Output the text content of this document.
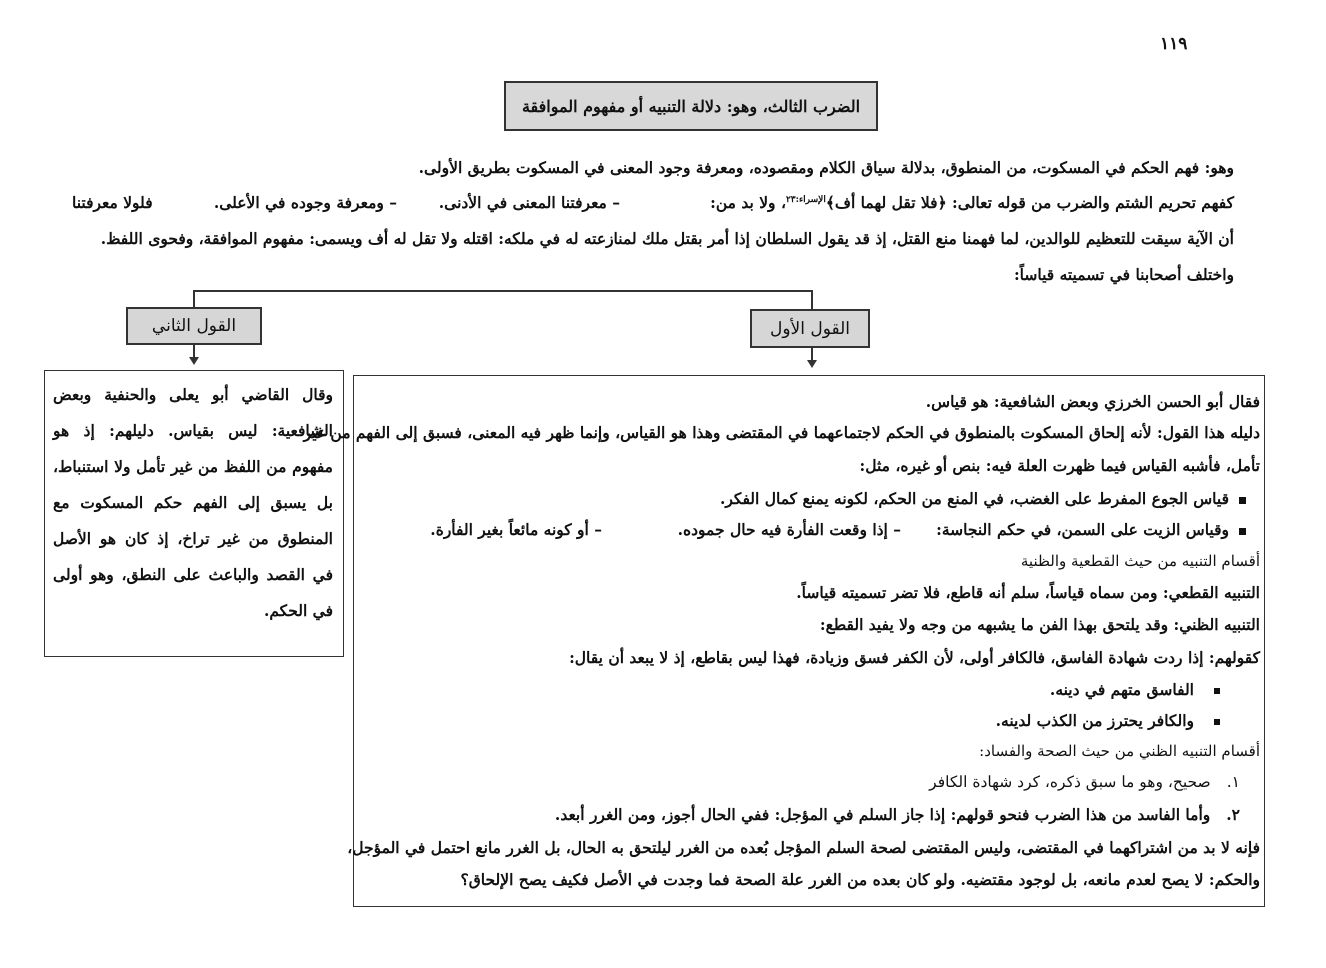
١١٩
الضرب الثالث، وهو: دلالة التنبيه أو مفهوم الموافقة
وهو: فهم الحكم في المسكوت، من المنطوق، بدلالة سياق الكلام ومقصوده، ومعرفة وجود المعنى في المسكوت بطريق الأولى.
كفهم تحريم الشتم والضرب من قوله تعالى: ﴿فلا تقل لهما أف﴾$^{الإسراء:٢٣}$، ولا بد من:
– معرفتنا المعنى في الأدنى.
– ومعرفة وجوده في الأعلى.
فلولا معرفتنا
أن الآية سيقت للتعظيم للوالدين، لما فهمنا منع القتل، إذ قد يقول السلطان إذا أمر بقتل ملك لمنازعته له في ملكه: اقتله ولا تقل له أف ويسمى: مفهوم الموافقة، وفحوى اللفظ.
واختلف أصحابنا في تسميته قياساً:
القول الثاني	القول الأول
وقال القاضي أبو يعلى والحنفية وبعض الشافعية: ليس بقياس. دليلهم: إذ هو مفهوم من اللفظ من غير تأمل ولا استنباط، بل يسبق إلى الفهم حكم المسكوت مع المنطوق من غير تراخ، إذ كان هو الأصل في القصد والباعث على النطق، وهو أولى في الحكم.
فقال أبو الحسن الخرزي وبعض الشافعية: هو قياس.
دليله هذا القول: لأنه إلحاق المسكوت بالمنطوق في الحكم لاجتماعهما في المقتضى وهذا هو القياس، وإنما ظهر فيه المعنى، فسبق إلى الفهم من غير
تأمل، فأشبه القياس فيما ظهرت العلة فيه: بنص أو غيره، مثل:
قياس الجوع المفرط على الغضب، في المنع من الحكم، لكونه يمنع كمال الفكر.
وقياس الزيت على السمن، في حكم النجاسة:
– إذا وقعت الفأرة فيه حال جموده.
– أو كونه مائعاً بغير الفأرة.
أقسام التنبيه من حيث القطعية والظنية
التنبيه القطعي: ومن سماه قياساً، سلم أنه قاطع، فلا تضر تسميته قياساً.
التنبيه الظني: وقد يلتحق بهذا الفن ما يشبهه من وجه ولا يفيد القطع:
كقولهم: إذا ردت شهادة الفاسق، فالكافر أولى، لأن الكفر فسق وزيادة، فهذا ليس بقاطع، إذ لا يبعد أن يقال:
الفاسق متهم في دينه.
والكافر يحترز من الكذب لدينه.
أقسام التنبيه الظني من حيث الصحة والفساد:
١.صحيح، وهو ما سبق ذكره، كرد شهادة الكافر
٢.وأما الفاسد من هذا الضرب فنحو قولهم: إذا جاز السلم في المؤجل: ففي الحال أجوز، ومن الغرر أبعد.
فإنه لا بد من اشتراكهما في المقتضى، وليس المقتضى لصحة السلم المؤجل بُعده من الغرر ليلتحق به الحال، بل الغرر مانع احتمل في المؤجل،
والحكم: لا يصح لعدم مانعه، بل لوجود مقتضيه. ولو كان بعده من الغرر علة الصحة فما وجدت في الأصل فكيف يصح الإلحاق؟
